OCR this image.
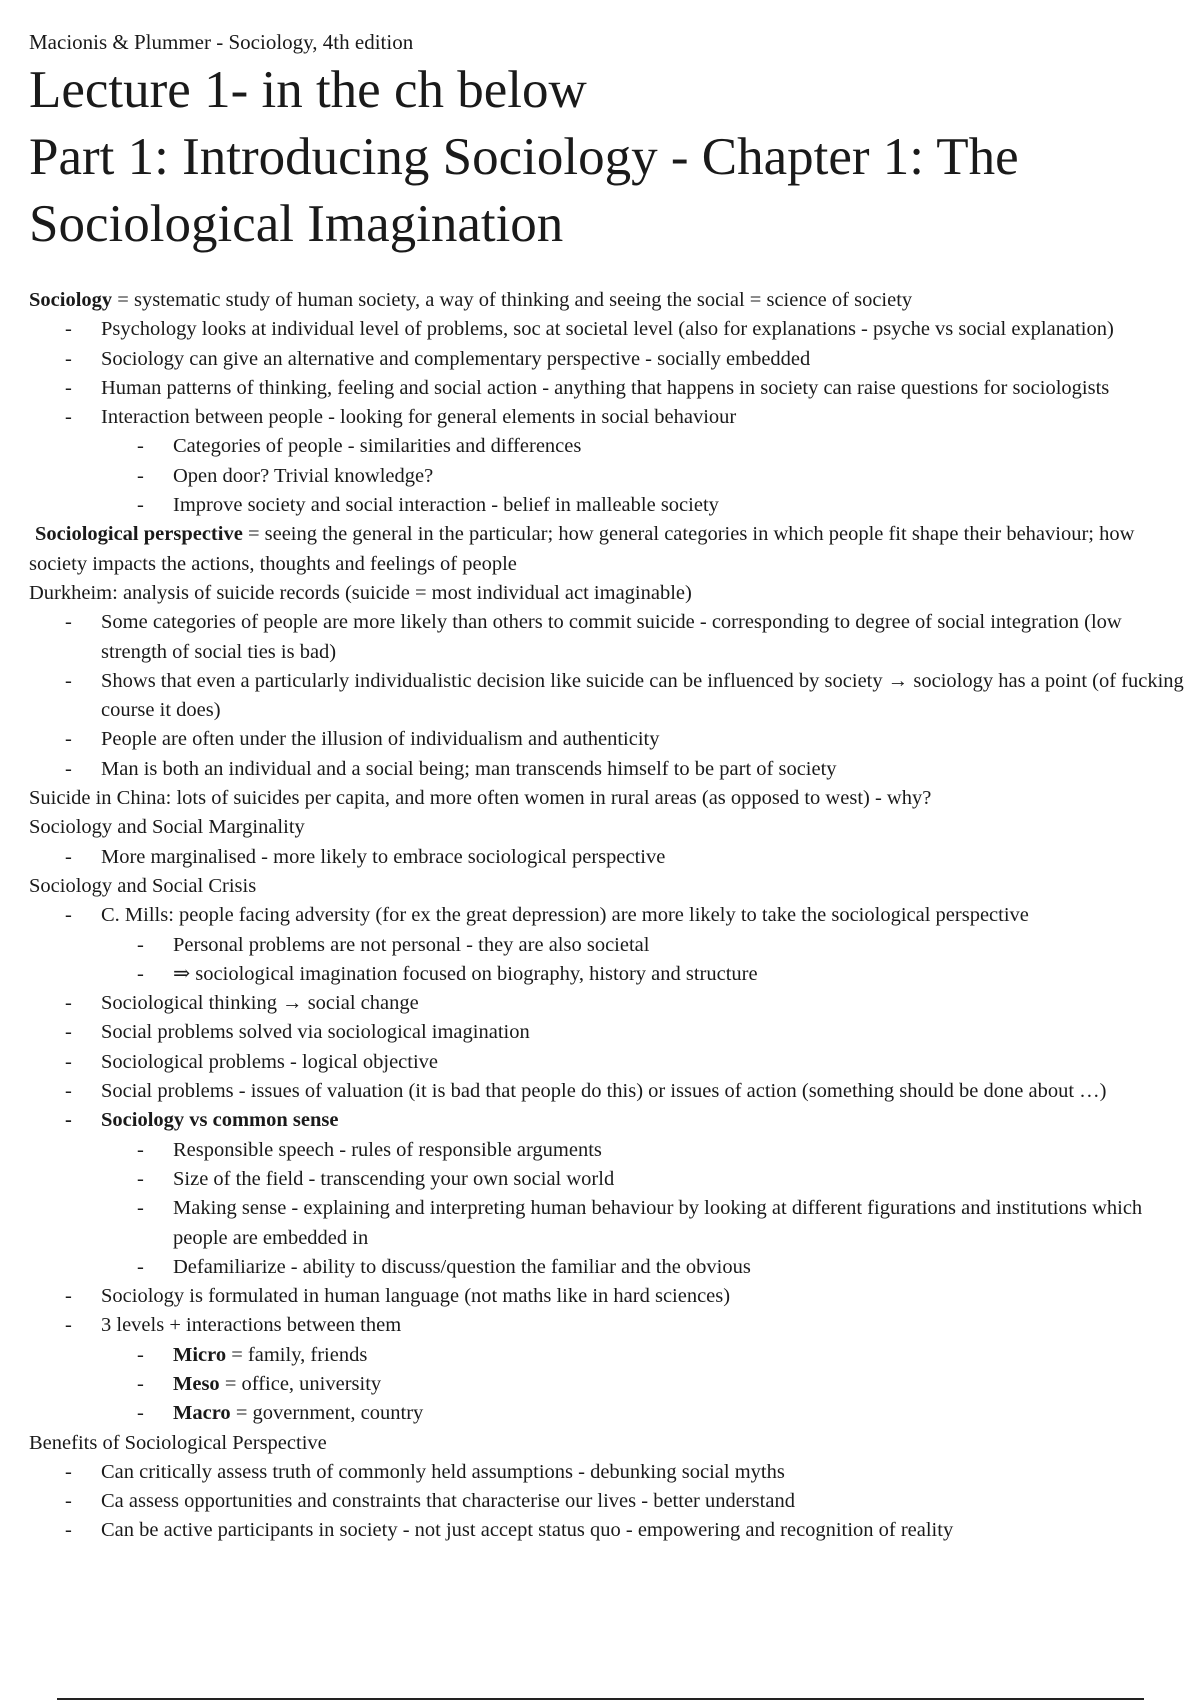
Macionis & Plummer - Sociology, 4th edition
Lecture 1- in the ch below
Part 1: Introducing Sociology - Chapter 1: The Sociological Imagination

Sociology = systematic study of human society, a way of thinking and seeing the social = science of society

- Psychology looks at individual level of problems, soc at societal level (also for explanations - psyche vs social explanation)
- Sociology can give an alternative and complementary perspective - socially embedded
- Human patterns of thinking, feeling and social action - anything that happens in society can raise questions for sociologists
- Interaction between people - looking for general elements in social behaviour
- Categories of people - similarities and differences
- Open door? Trivial knowledge?
- Improve society and social interaction - belief in malleable society

Sociological perspective = seeing the general in the particular; how general categories in which people fit shape their behaviour; how society impacts the actions, thoughts and feelings of people

Durkheim: analysis of suicide records (suicide = most individual act imaginable)

- Some categories of people are more likely than others to commit suicide - corresponding to degree of social integration (low strength of social ties is bad)
- Shows that even a particularly individualistic decision like suicide can be influenced by society → sociology has a point (of fucking course it does)
- People are often under the illusion of individualism and authenticity
- Man is both an individual and a social being; man transcends himself to be part of society

Suicide in China: lots of suicides per capita, and more often women in rural areas (as opposed to west) - why?

Sociology and Social Marginality

- More marginalised - more likely to embrace sociological perspective

Sociology and Social Crisis

- C. Mills: people facing adversity (for ex the great depression) are more likely to take the sociological perspective
- Personal problems are not personal - they are also societal
- ⇒ sociological imagination focused on biography, history and structure
- Sociological thinking → social change
- Social problems solved via sociological imagination
- Sociological problems - logical objective
- Social problems - issues of valuation (it is bad that people do this) or issues of action (something should be done about …)
- Sociology vs common sense
- Responsible speech - rules of responsible arguments
- Size of the field - transcending your own social world
- Making sense - explaining and interpreting human behaviour by looking at different figurations and institutions which people are embedded in
- Defamiliarize - ability to discuss/question the familiar and the obvious
- Sociology is formulated in human language (not maths like in hard sciences)
- 3 levels + interactions between them
- Micro = family, friends
- Meso = office, university
- Macro = government, country

Benefits of Sociological Perspective

- Can critically assess truth of commonly held assumptions - debunking social myths
- Ca assess opportunities and constraints that characterise our lives - better understand
- Can be active participants in society - not just accept status quo - empowering and recognition of reality
